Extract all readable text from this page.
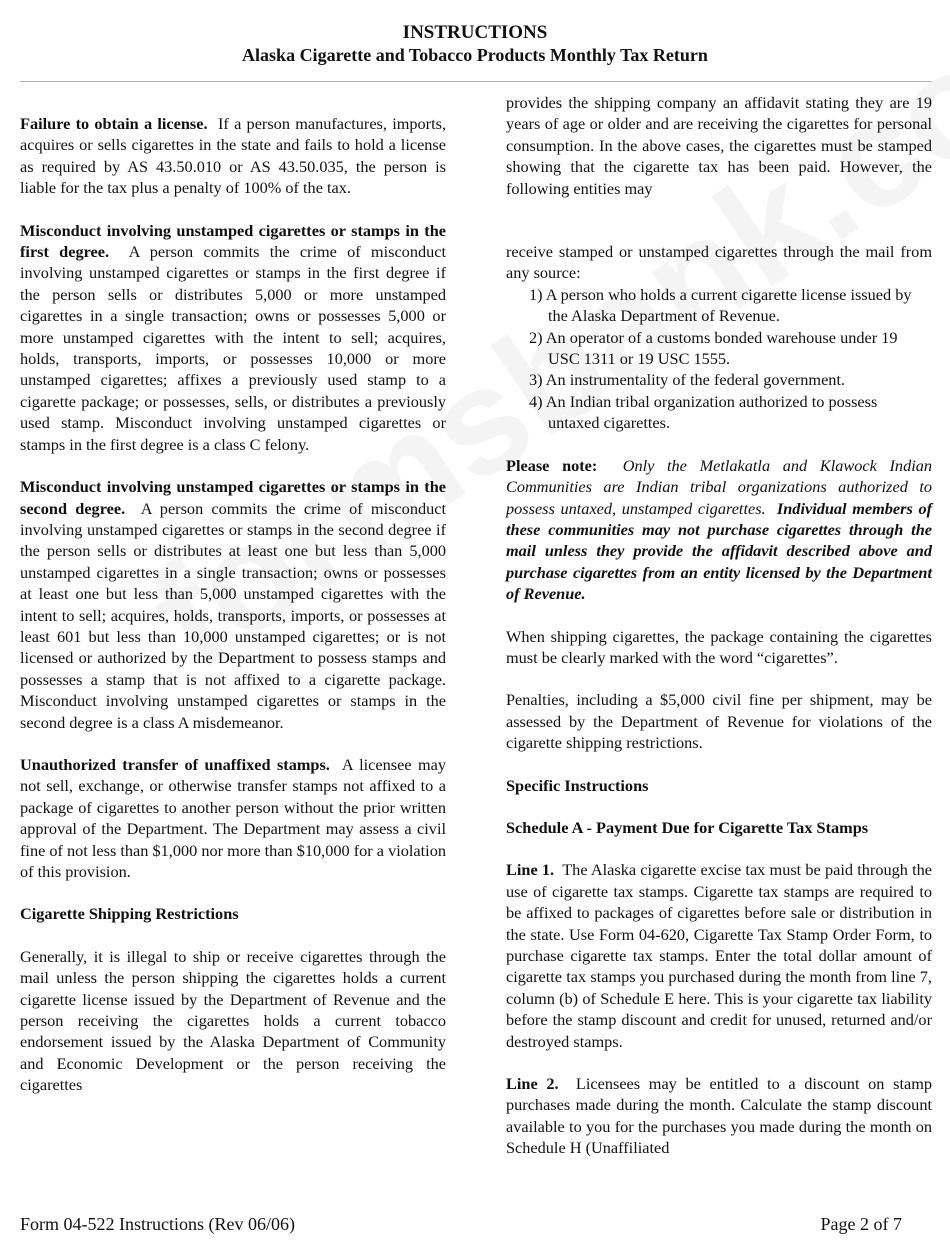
INSTRUCTIONS
Alaska Cigarette and Tobacco Products Monthly Tax Return

Failure to obtain a license. If a person manufactures, imports, acquires or sells cigarettes in the state and fails to hold a license as required by AS 43.50.010 or AS 43.50.035, the person is liable for the tax plus a penalty of 100% of the tax.

Misconduct involving unstamped cigarettes or stamps in the first degree. A person commits the crime of misconduct involving unstamped cigarettes or stamps in the first degree if the person sells or distributes 5,000 or more unstamped cigarettes in a single transaction; owns or possesses 5,000 or more unstamped cigarettes with the intent to sell; acquires, holds, transports, imports, or possesses 10,000 or more unstamped cigarettes; affixes a previously used stamp to a cigarette package; or possesses, sells, or distributes a previously used stamp. Misconduct involving unstamped cigarettes or stamps in the first degree is a class C felony.

Misconduct involving unstamped cigarettes or stamps in the second degree. A person commits the crime of misconduct involving unstamped cigarettes or stamps in the second degree if the person sells or distributes at least one but less than 5,000 unstamped cigarettes in a single transaction; owns or possesses at least one but less than 5,000 unstamped cigarettes with the intent to sell; acquires, holds, transports, imports, or possesses at least 601 but less than 10,000 unstamped cigarettes; or is not licensed or authorized by the Department to possess stamps and possesses a stamp that is not affixed to a cigarette package. Misconduct involving unstamped cigarettes or stamps in the second degree is a class A misdemeanor.

Unauthorized transfer of unaffixed stamps. A licensee may not sell, exchange, or otherwise transfer stamps not affixed to a package of cigarettes to another person without the prior written approval of the Department. The Department may assess a civil fine of not less than $1,000 nor more than $10,000 for a violation of this provision.

Cigarette Shipping Restrictions

Generally, it is illegal to ship or receive cigarettes through the mail unless the person shipping the cigarettes holds a current cigarette license issued by the Department of Revenue and the person receiving the cigarettes holds a current tobacco endorsement issued by the Alaska Department of Community and Economic Development or the person receiving the cigarettes

provides the shipping company an affidavit stating they are 19 years of age or older and are receiving the cigarettes for personal consumption. In the above cases, the cigarettes must be stamped showing that the cigarette tax has been paid. However, the following entities may

receive stamped or unstamped cigarettes through the mail from any source:

1) A person who holds a current cigarette license issued by the Alaska Department of Revenue.
2) An operator of a customs bonded warehouse under 19 USC 1311 or 19 USC 1555.
3) An instrumentality of the federal government.
4) An Indian tribal organization authorized to possess untaxed cigarettes.

Please note: Only the Metlakatla and Klawock Indian Communities are Indian tribal organizations authorized to possess untaxed, unstamped cigarettes. Individual members of these communities may not purchase cigarettes through the mail unless they provide the affidavit described above and purchase cigarettes from an entity licensed by the Department of Revenue.

When shipping cigarettes, the package containing the cigarettes must be clearly marked with the word “cigarettes”.

Penalties, including a $5,000 civil fine per shipment, may be assessed by the Department of Revenue for violations of the cigarette shipping restrictions.

Specific Instructions

Schedule A - Payment Due for Cigarette Tax Stamps

Line 1. The Alaska cigarette excise tax must be paid through the use of cigarette tax stamps. Cigarette tax stamps are required to be affixed to packages of cigarettes before sale or distribution in the state. Use Form 04-620, Cigarette Tax Stamp Order Form, to purchase cigarette tax stamps. Enter the total dollar amount of cigarette tax stamps you purchased during the month from line 7, column (b) of Schedule E here. This is your cigarette tax liability before the stamp discount and credit for unused, returned and/or destroyed stamps.

Line 2. Licensees may be entitled to a discount on stamp purchases made during the month. Calculate the stamp discount available to you for the purchases you made during the month on Schedule H (Unaffiliated

Form 04-522 Instructions (Rev 06/06)	Page 2 of 7
